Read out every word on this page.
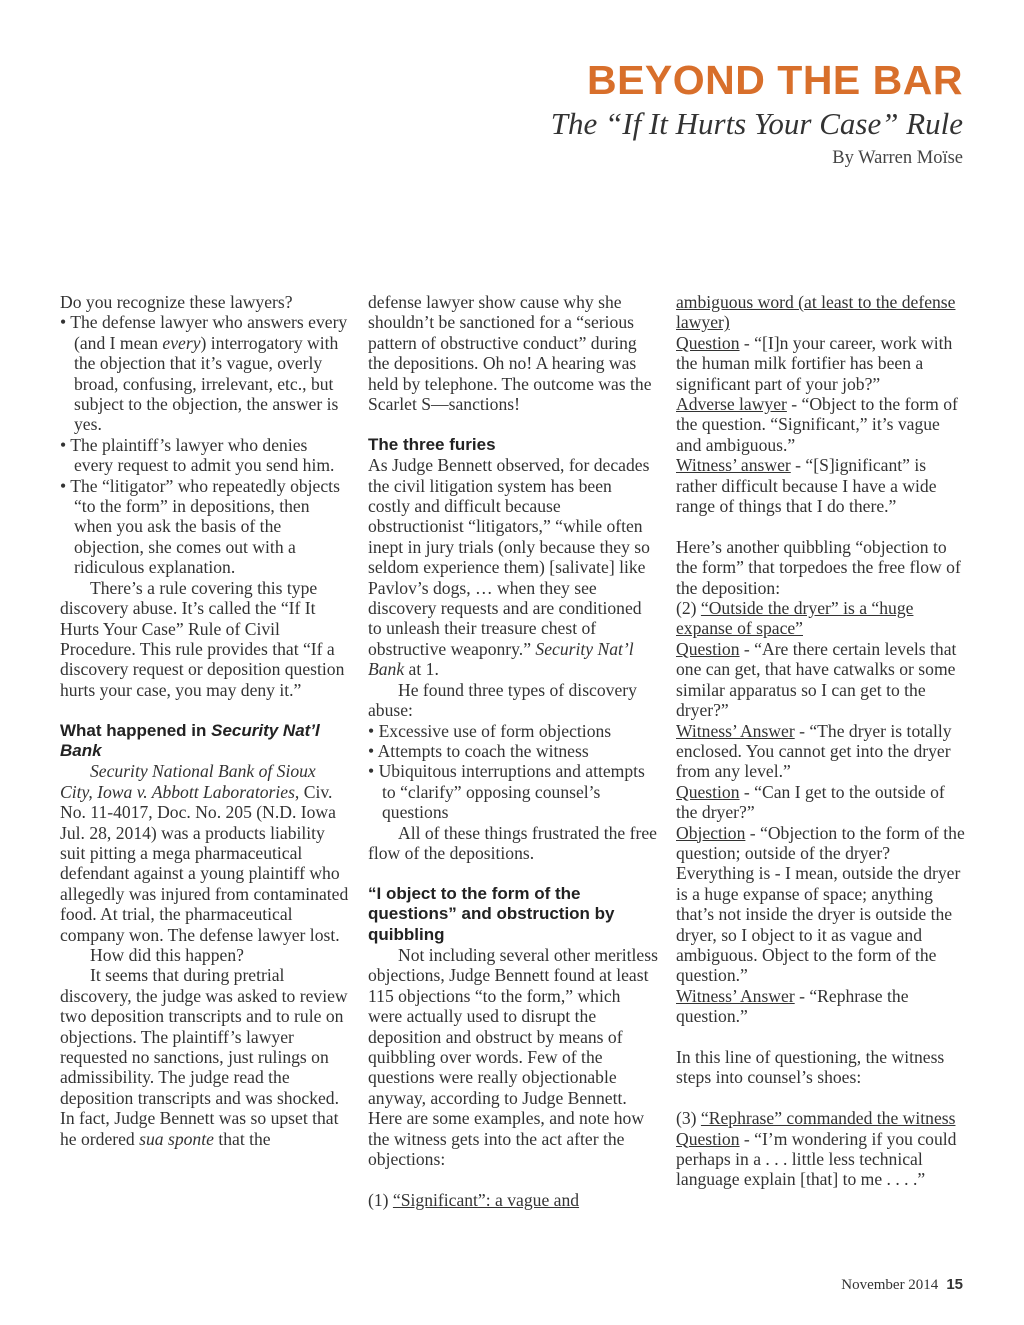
BEYOND THE BAR
The “If It Hurts Your Case” Rule
By Warren Moïse

Do you recognize these lawyers?

• The defense lawyer who answers every (and I mean every) interrogatory with the objection that it’s vague, overly broad, confusing, irrelevant, etc., but subject to the objection, the answer is yes.

• The plaintiff’s lawyer who denies every request to admit you send him.

• The “litigator” who repeatedly objects “to the form” in depositions, then when you ask the basis of the objection, she comes out with a ridiculous explanation.

There’s a rule covering this type discovery abuse. It’s called the “If It Hurts Your Case” Rule of Civil Procedure. This rule provides that “If a discovery request or deposition question hurts your case, you may deny it.”

What happened in Security Nat’l Bank

Security National Bank of Sioux City, Iowa v. Abbott Laboratories, Civ. No. 11-4017, Doc. No. 205 (N.D. Iowa Jul. 28, 2014) was a products liability suit pitting a mega pharmaceutical defendant against a young plaintiff who allegedly was injured from contaminated food. At trial, the pharmaceutical company won. The defense lawyer lost.

How did this happen?

It seems that during pretrial discovery, the judge was asked to review two deposition transcripts and to rule on objections. The plaintiff’s lawyer requested no sanctions, just rulings on admissibility. The judge read the deposition transcripts and was shocked. In fact, Judge Bennett was so upset that he ordered sua sponte that the

defense lawyer show cause why she shouldn’t be sanctioned for a “serious pattern of obstructive conduct” during the depositions. Oh no! A hearing was held by telephone. The outcome was the Scarlet S—sanctions!

The three furies

As Judge Bennett observed, for decades the civil litigation system has been costly and difficult because obstructionist “litigators,” “while often inept in jury trials (only because they so seldom experience them) [salivate] like Pavlov’s dogs, … when they see discovery requests and are conditioned to unleash their treasure chest of obstructive weaponry.” Security Nat’l Bank at 1.

He found three types of discovery abuse:

• Excessive use of form objections

• Attempts to coach the witness

• Ubiquitous interruptions and attempts to “clarify” opposing counsel’s questions

All of these things frustrated the free flow of the depositions.

“I object to the form of the questions” and obstruction by quibbling

Not including several other meritless objections, Judge Bennett found at least 115 objections “to the form,” which were actually used to disrupt the deposition and obstruct by means of quibbling over words. Few of the questions were really objectionable anyway, according to Judge Bennett. Here are some examples, and note how the witness gets into the act after the objections:

(1) “Significant”: a vague and

ambiguous word (at least to the defense lawyer)

Question - “[I]n your career, work with the human milk fortifier has been a significant part of your job?”

Adverse lawyer - “Object to the form of the question. “Significant,” it’s vague and ambiguous.”

Witness’ answer - “[S]ignificant” is rather difficult because I have a wide range of things that I do there.”

Here’s another quibbling “objection to the form” that torpedoes the free flow of the deposition:

(2) “Outside the dryer” is a “huge expanse of space”

Question - “Are there certain levels that one can get, that have catwalks or some similar apparatus so I can get to the dryer?”

Witness’ Answer - “The dryer is totally enclosed. You cannot get into the dryer from any level.”

Question - “Can I get to the outside of the dryer?”

Objection - “Objection to the form of the question; outside of the dryer? Everything is - I mean, outside the dryer is a huge expanse of space; anything that’s not inside the dryer is outside the dryer, so I object to it as vague and ambiguous. Object to the form of the question.”

Witness’ Answer - “Rephrase the question.”

In this line of questioning, the witness steps into counsel’s shoes:

(3) “Rephrase” commanded the witness

Question - “I’m wondering if you could perhaps in a . . . little less technical language explain [that] to me . . . .”

November 2014 15
